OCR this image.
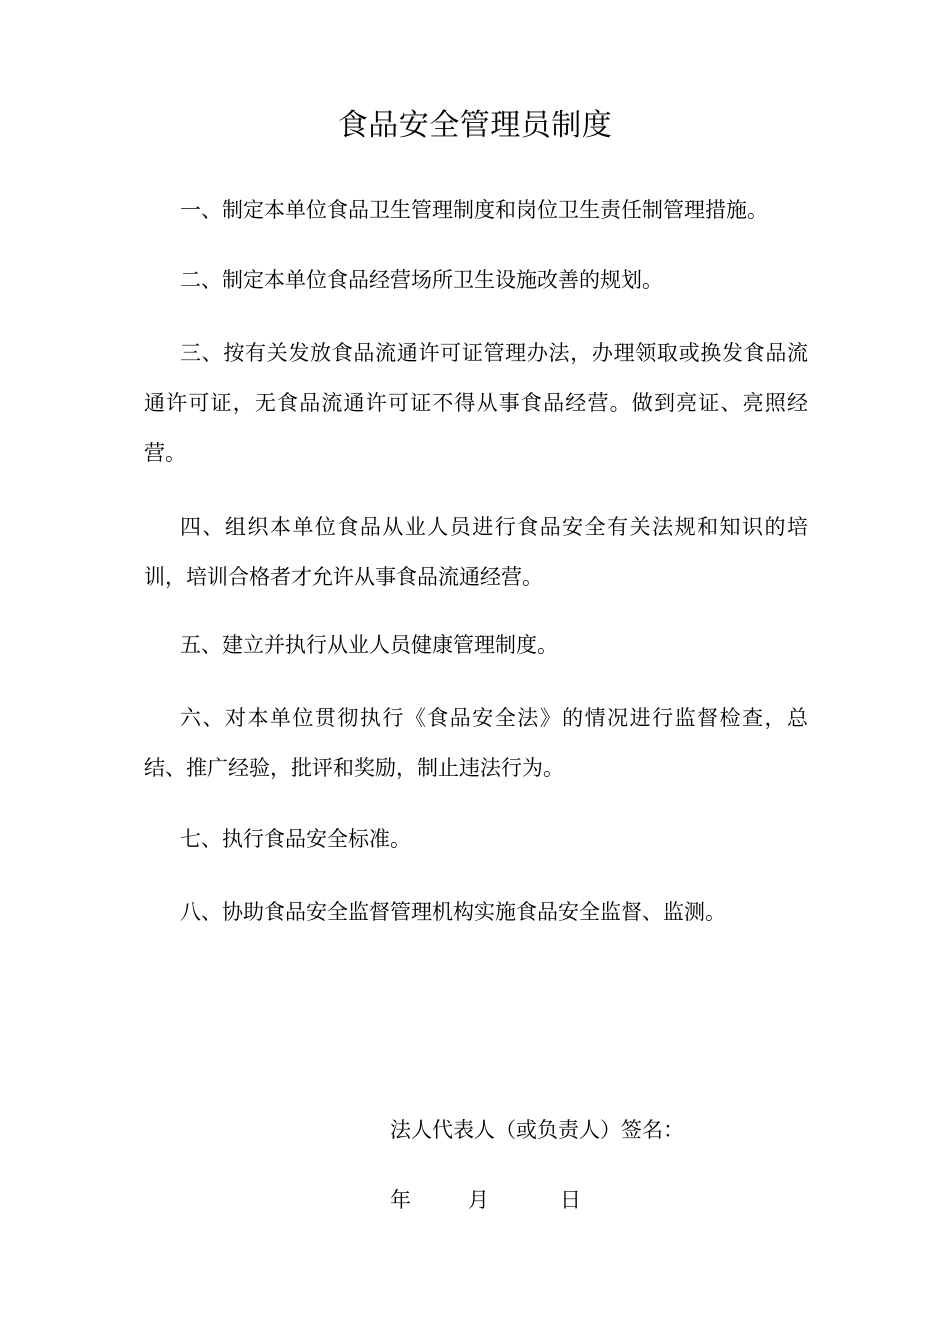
食品安全管理员制度

一、制定本单位食品卫生管理制度和岗位卫生责任制管理措施。

二、制定本单位食品经营场所卫生设施改善的规划。

三、按有关发放食品流通许可证管理办法，办理领取或换发食品流通许可证，无食品流通许可证不得从事食品经营。做到亮证、亮照经营。

四、组织本单位食品从业人员进行食品安全有关法规和知识的培训，培训合格者才允许从事食品流通经营。

五、建立并执行从业人员健康管理制度。

六、对本单位贯彻执行《食品安全法》的情况进行监督检查，总结、推广经验，批评和奖励，制止违法行为。

七、执行食品安全标准。

八、协助食品安全监督管理机构实施食品安全监督、监测。

法人代表人（或负责人）签名：

年	月	日
